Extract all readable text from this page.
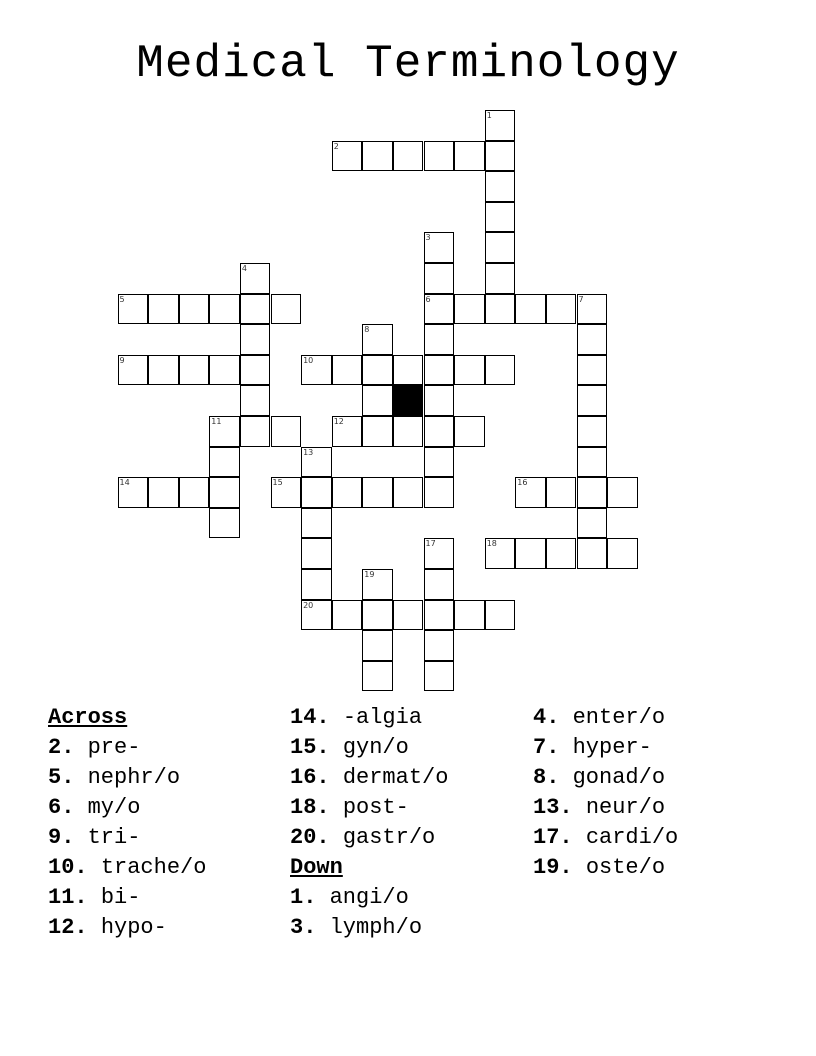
Medical Terminology
1
2
3
4
5	6	7
8
9	10
11	12
13
14	15	16
17	18
19
20
Across
2. pre-
5. nephr/o
6. my/o
9. tri-
10. trache/o
11. bi-
12. hypo-
14. -algia
15. gyn/o
16. dermat/o
18. post-
20. gastr/o
Down
1. angi/o
3. lymph/o
4. enter/o
7. hyper-
8. gonad/o
13. neur/o
17. cardi/o
19. oste/o
